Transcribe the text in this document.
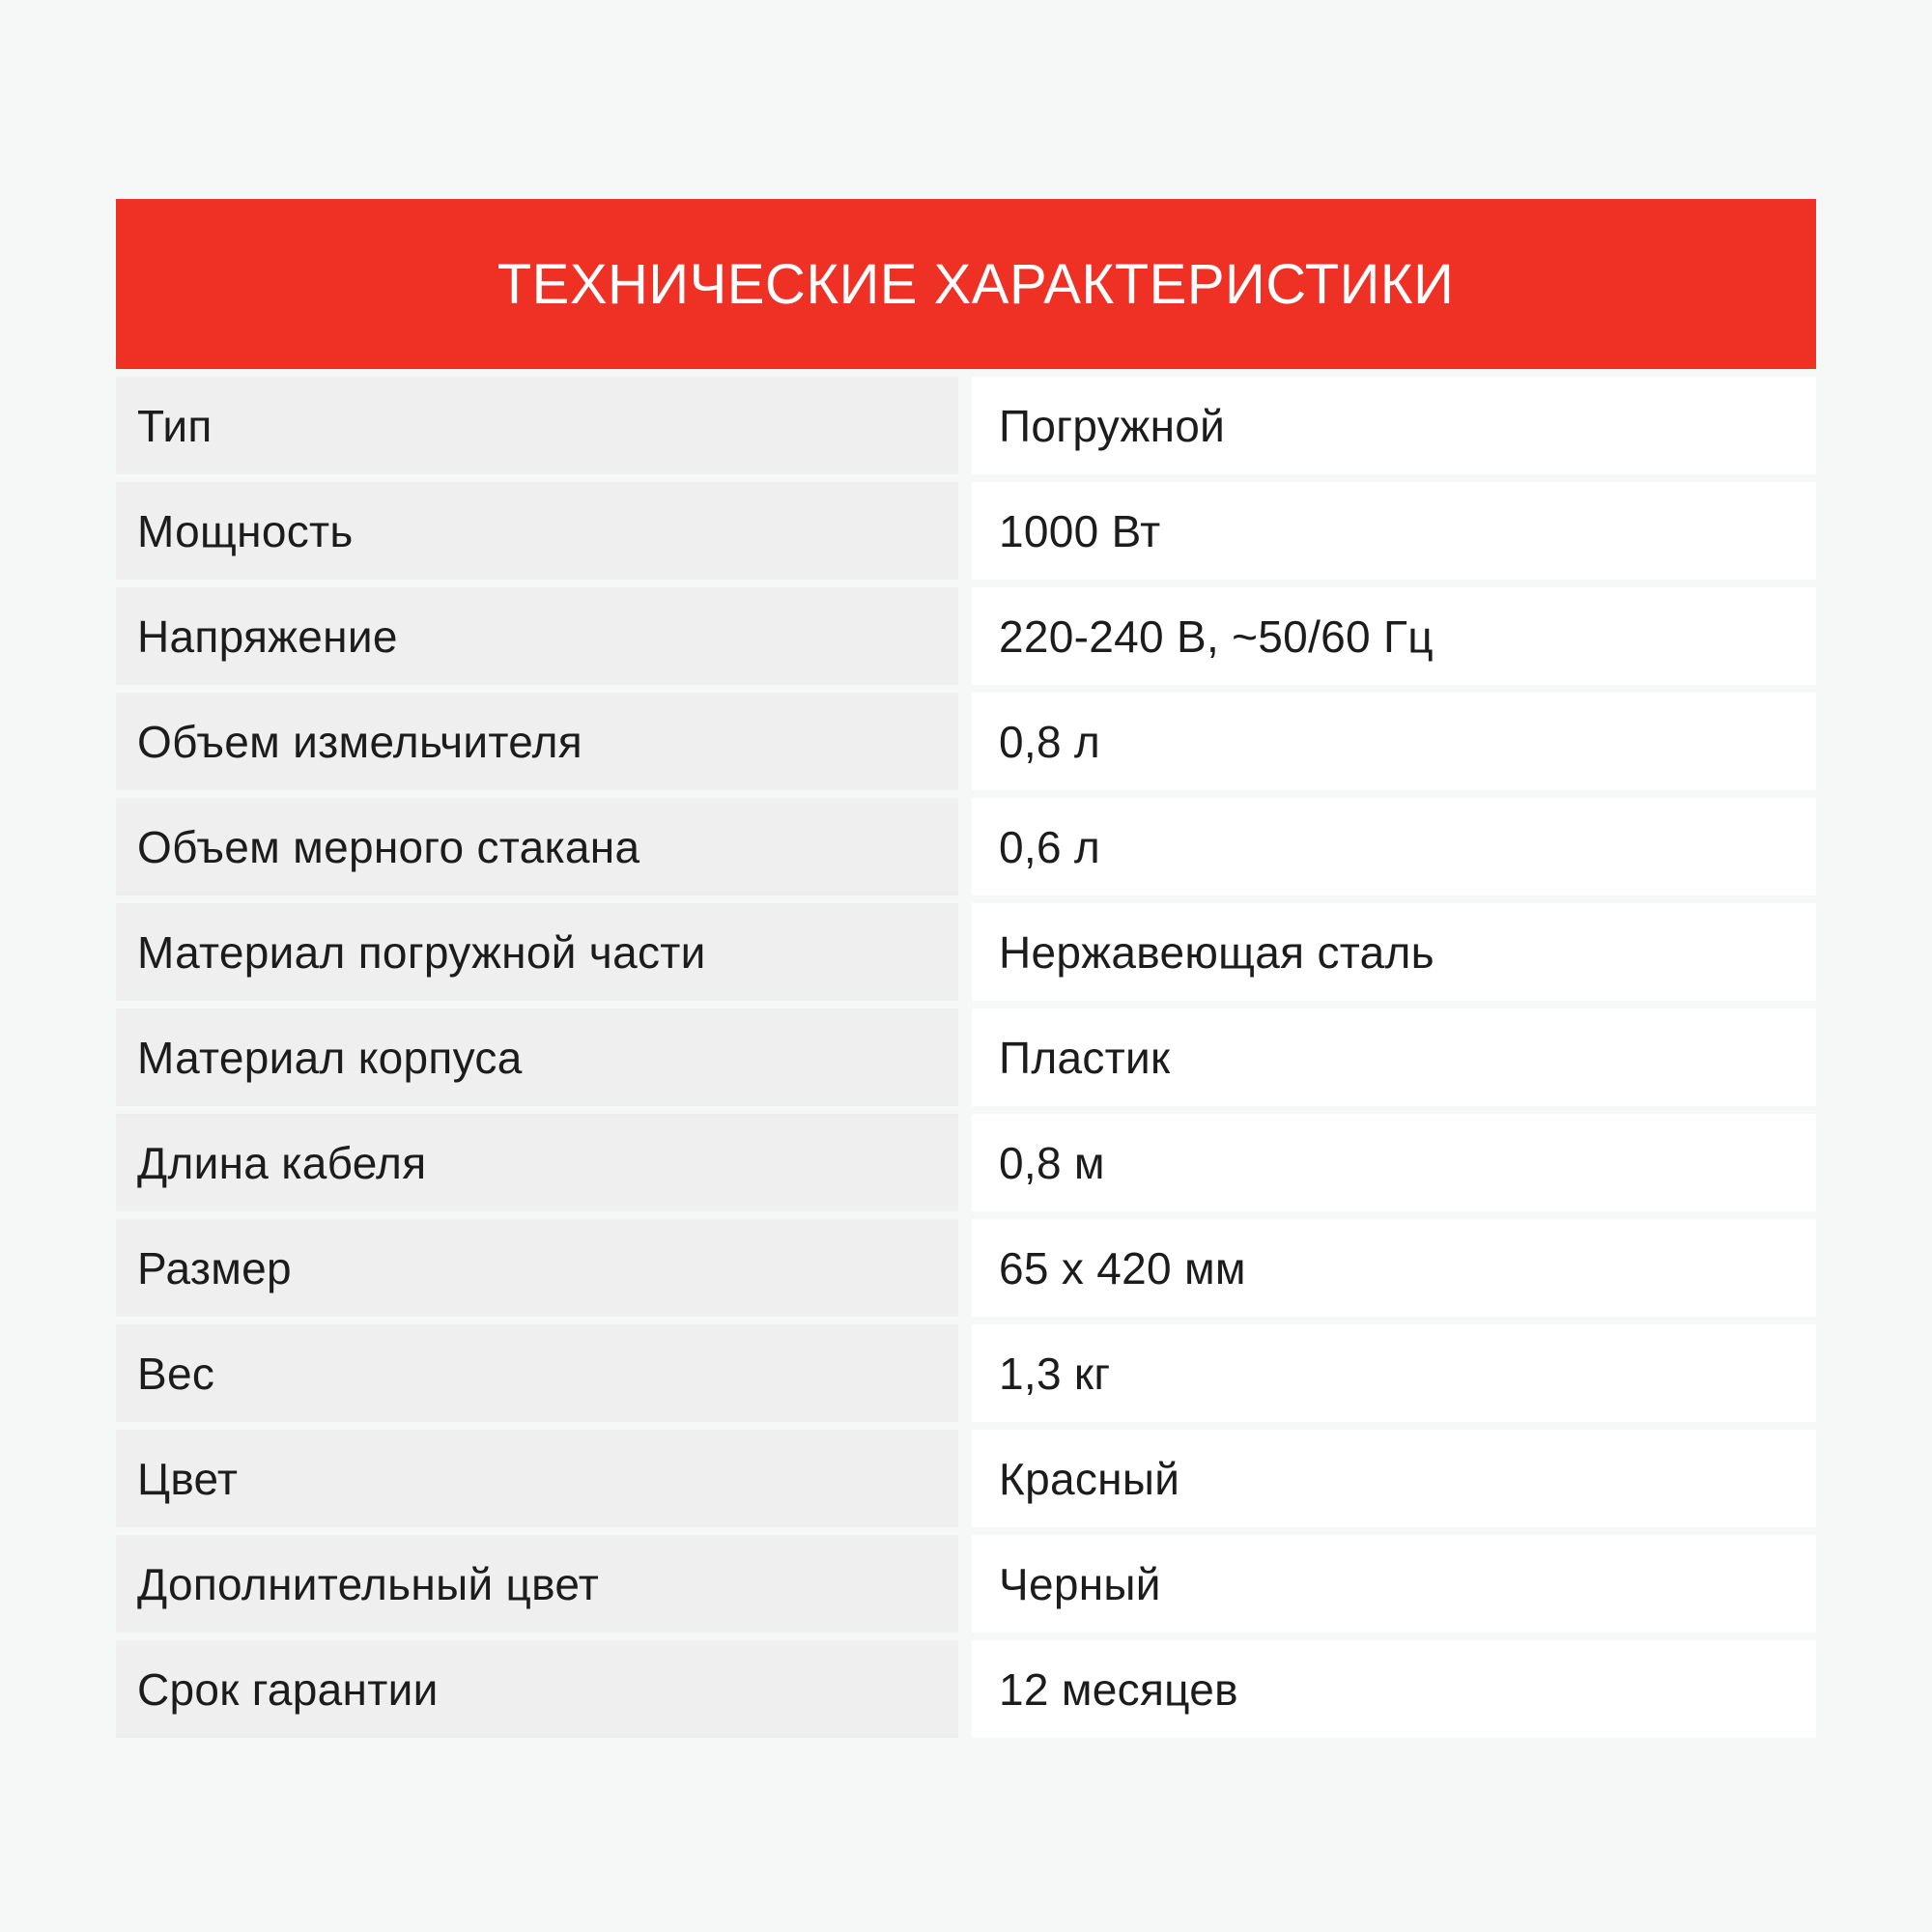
ТЕХНИЧЕСКИЕ ХАРАКТЕРИСТИКИ
Тип	Погружной
Мощность	1000 Вт
Напряжение	220-240 В, ~50/60 Гц
Объем измельчителя	0,8 л
Объем мерного стакана	0,6 л
Материал погружной части	Нержавеющая сталь
Материал корпуса	Пластик
Длина кабеля	0,8 м
Размер	65 х 420 мм
Вес	1,3 кг
Цвет	Красный
Дополнительный цвет	Черный
Срок гарантии	12 месяцев
